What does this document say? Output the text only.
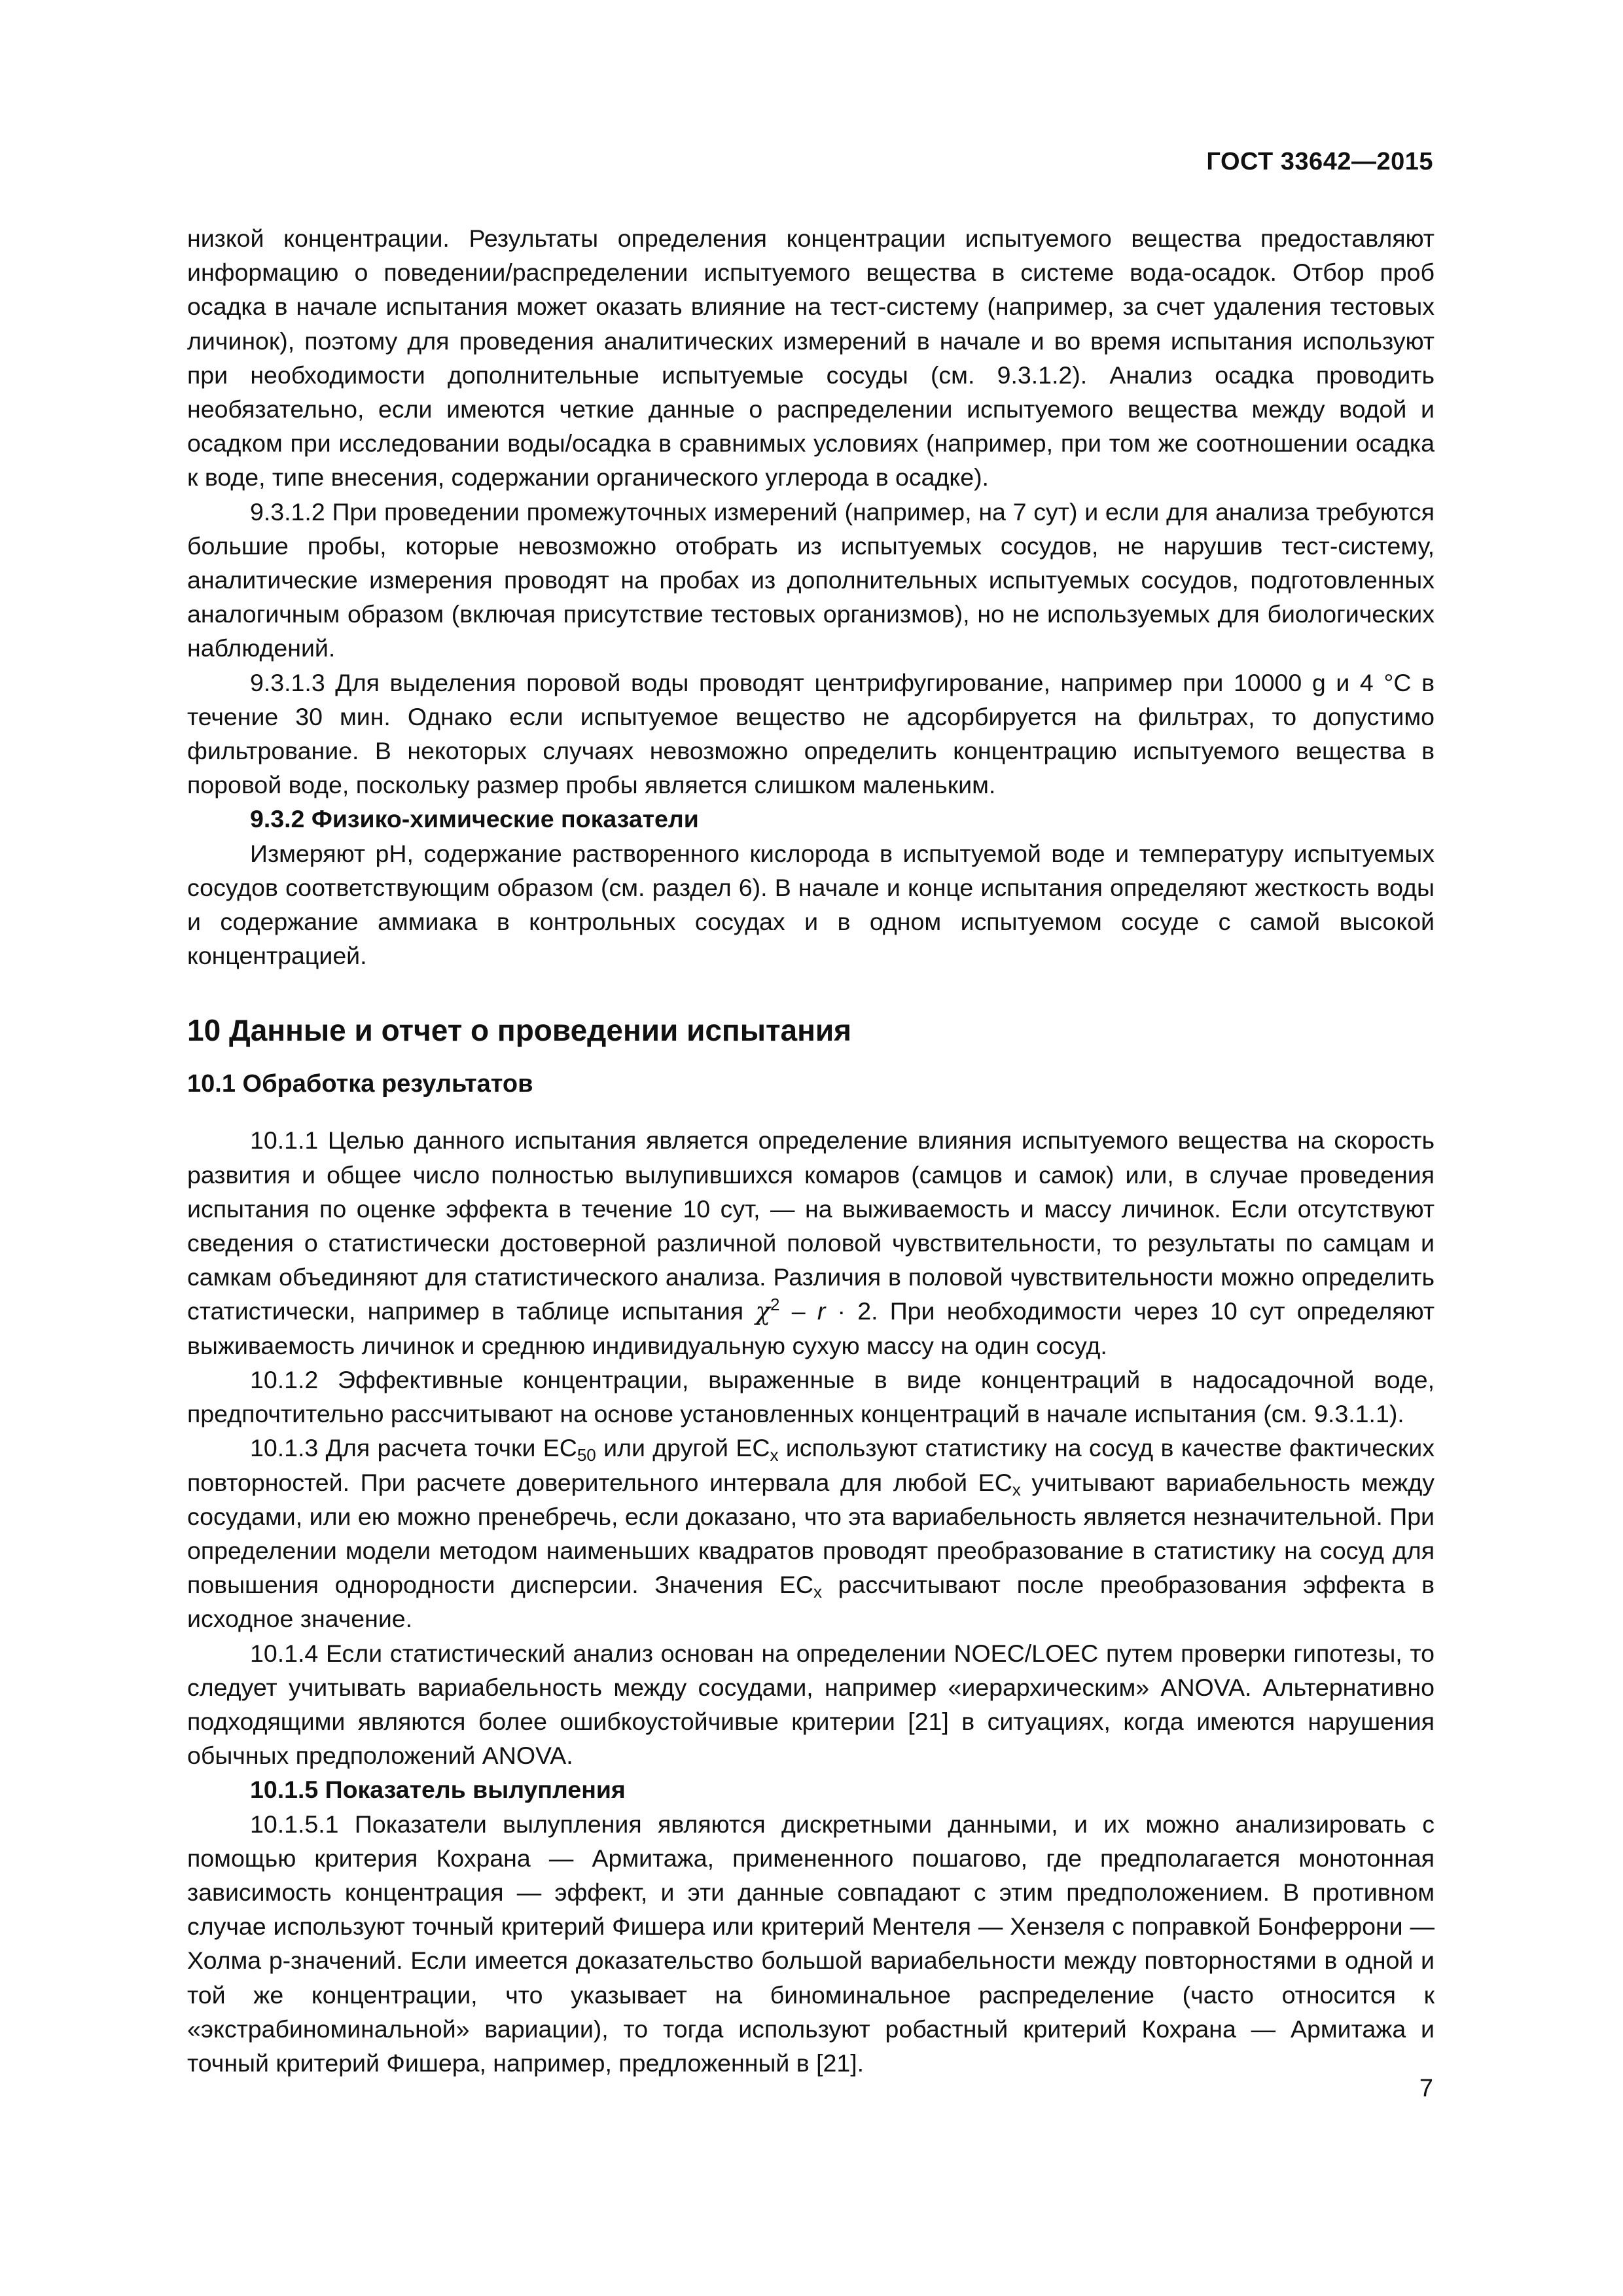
ГОСТ 33642—2015

низкой концентрации. Результаты определения концентрации испытуемого вещества предоставляют информацию о поведении/распределении испытуемого вещества в системе вода-осадок. Отбор проб осадка в начале испытания может оказать влияние на тест-систему (например, за счет удаления тестовых личинок), поэтому для проведения аналитических измерений в начале и во время испытания используют при необходимости дополнительные испытуемые сосуды (см. 9.3.1.2). Анализ осадка проводить необязательно, если имеются четкие данные о распределении испытуемого вещества между водой и осадком при исследовании воды/осадка в сравнимых условиях (например, при том же соотношении осадка к воде, типе внесения, содержании органического углерода в осадке).

9.3.1.2 При проведении промежуточных измерений (например, на 7 сут) и если для анализа требуются большие пробы, которые невозможно отобрать из испытуемых сосудов, не нарушив тест-систему, аналитические измерения проводят на пробах из дополнительных испытуемых сосудов, подготовленных аналогичным образом (включая присутствие тестовых организмов), но не используемых для биологических наблюдений.

9.3.1.3 Для выделения поровой воды проводят центрифугирование, например при 10000 g и 4 °С в течение 30 мин. Однако если испытуемое вещество не адсорбируется на фильтрах, то допустимо фильтрование. В некоторых случаях невозможно определить концентрацию испытуемого вещества в поровой воде, поскольку размер пробы является слишком маленьким.

9.3.2 Физико-химические показатели

Измеряют рН, содержание растворенного кислорода в испытуемой воде и температуру испытуемых сосудов соответствующим образом (см. раздел 6). В начале и конце испытания определяют жесткость воды и содержание аммиака в контрольных сосудах и в одном испытуемом сосуде с самой высокой концентрацией.

10 Данные и отчет о проведении испытания
10.1 Обработка результатов

10.1.1 Целью данного испытания является определение влияния испытуемого вещества на скорость развития и общее число полностью вылупившихся комаров (самцов и самок) или, в случае проведения испытания по оценке эффекта в течение 10 сут, — на выживаемость и массу личинок. Если отсутствуют сведения о статистически достоверной различной половой чувствительности, то результаты по самцам и самкам объединяют для статистического анализа. Различия в половой чувствительности можно определить статистически, например в таблице испытания $\chi^2 - r \cdot 2$. При необходимости через 10 сут определяют выживаемость личинок и среднюю индивидуальную сухую массу на один сосуд.

10.1.2 Эффективные концентрации, выраженные в виде концентраций в надосадочной воде, предпочтительно рассчитывают на основе установленных концентраций в начале испытания (см. 9.3.1.1).

10.1.3 Для расчета точки $EC_{50}$ или другой $EC_x$ используют статистику на сосуд в качестве фактических повторностей. При расчете доверительного интервала для любой $EC_x$ учитывают вариабельность между сосудами, или ею можно пренебречь, если доказано, что эта вариабельность является незначительной. При определении модели методом наименьших квадратов проводят преобразование в статистику на сосуд для повышения однородности дисперсии. Значения $EC_x$ рассчитывают после преобразования эффекта в исходное значение.

10.1.4 Если статистический анализ основан на определении NOEC/LOEC путем проверки гипотезы, то следует учитывать вариабельность между сосудами, например «иерархическим» ANOVA. Альтернативно подходящими являются более ошибкоустойчивые критерии [21] в ситуациях, когда имеются нарушения обычных предположений ANOVA.

10.1.5 Показатель вылупления

10.1.5.1 Показатели вылупления являются дискретными данными, и их можно анализировать с помощью критерия Кохрана — Армитажа, примененного пошагово, где предполагается монотонная зависимость концентрация — эффект, и эти данные совпадают с этим предположением. В противном случае используют точный критерий Фишера или критерий Ментеля — Хензеля с поправкой Бонферрони — Холма p-значений. Если имеется доказательство большой вариабельности между повторностями в одной и той же концентрации, что указывает на биноминальное распределение (часто относится к «экстрабиноминальной» вариации), то тогда используют робастный критерий Кохрана — Армитажа и точный критерий Фишера, например, предложенный в [21].

7
